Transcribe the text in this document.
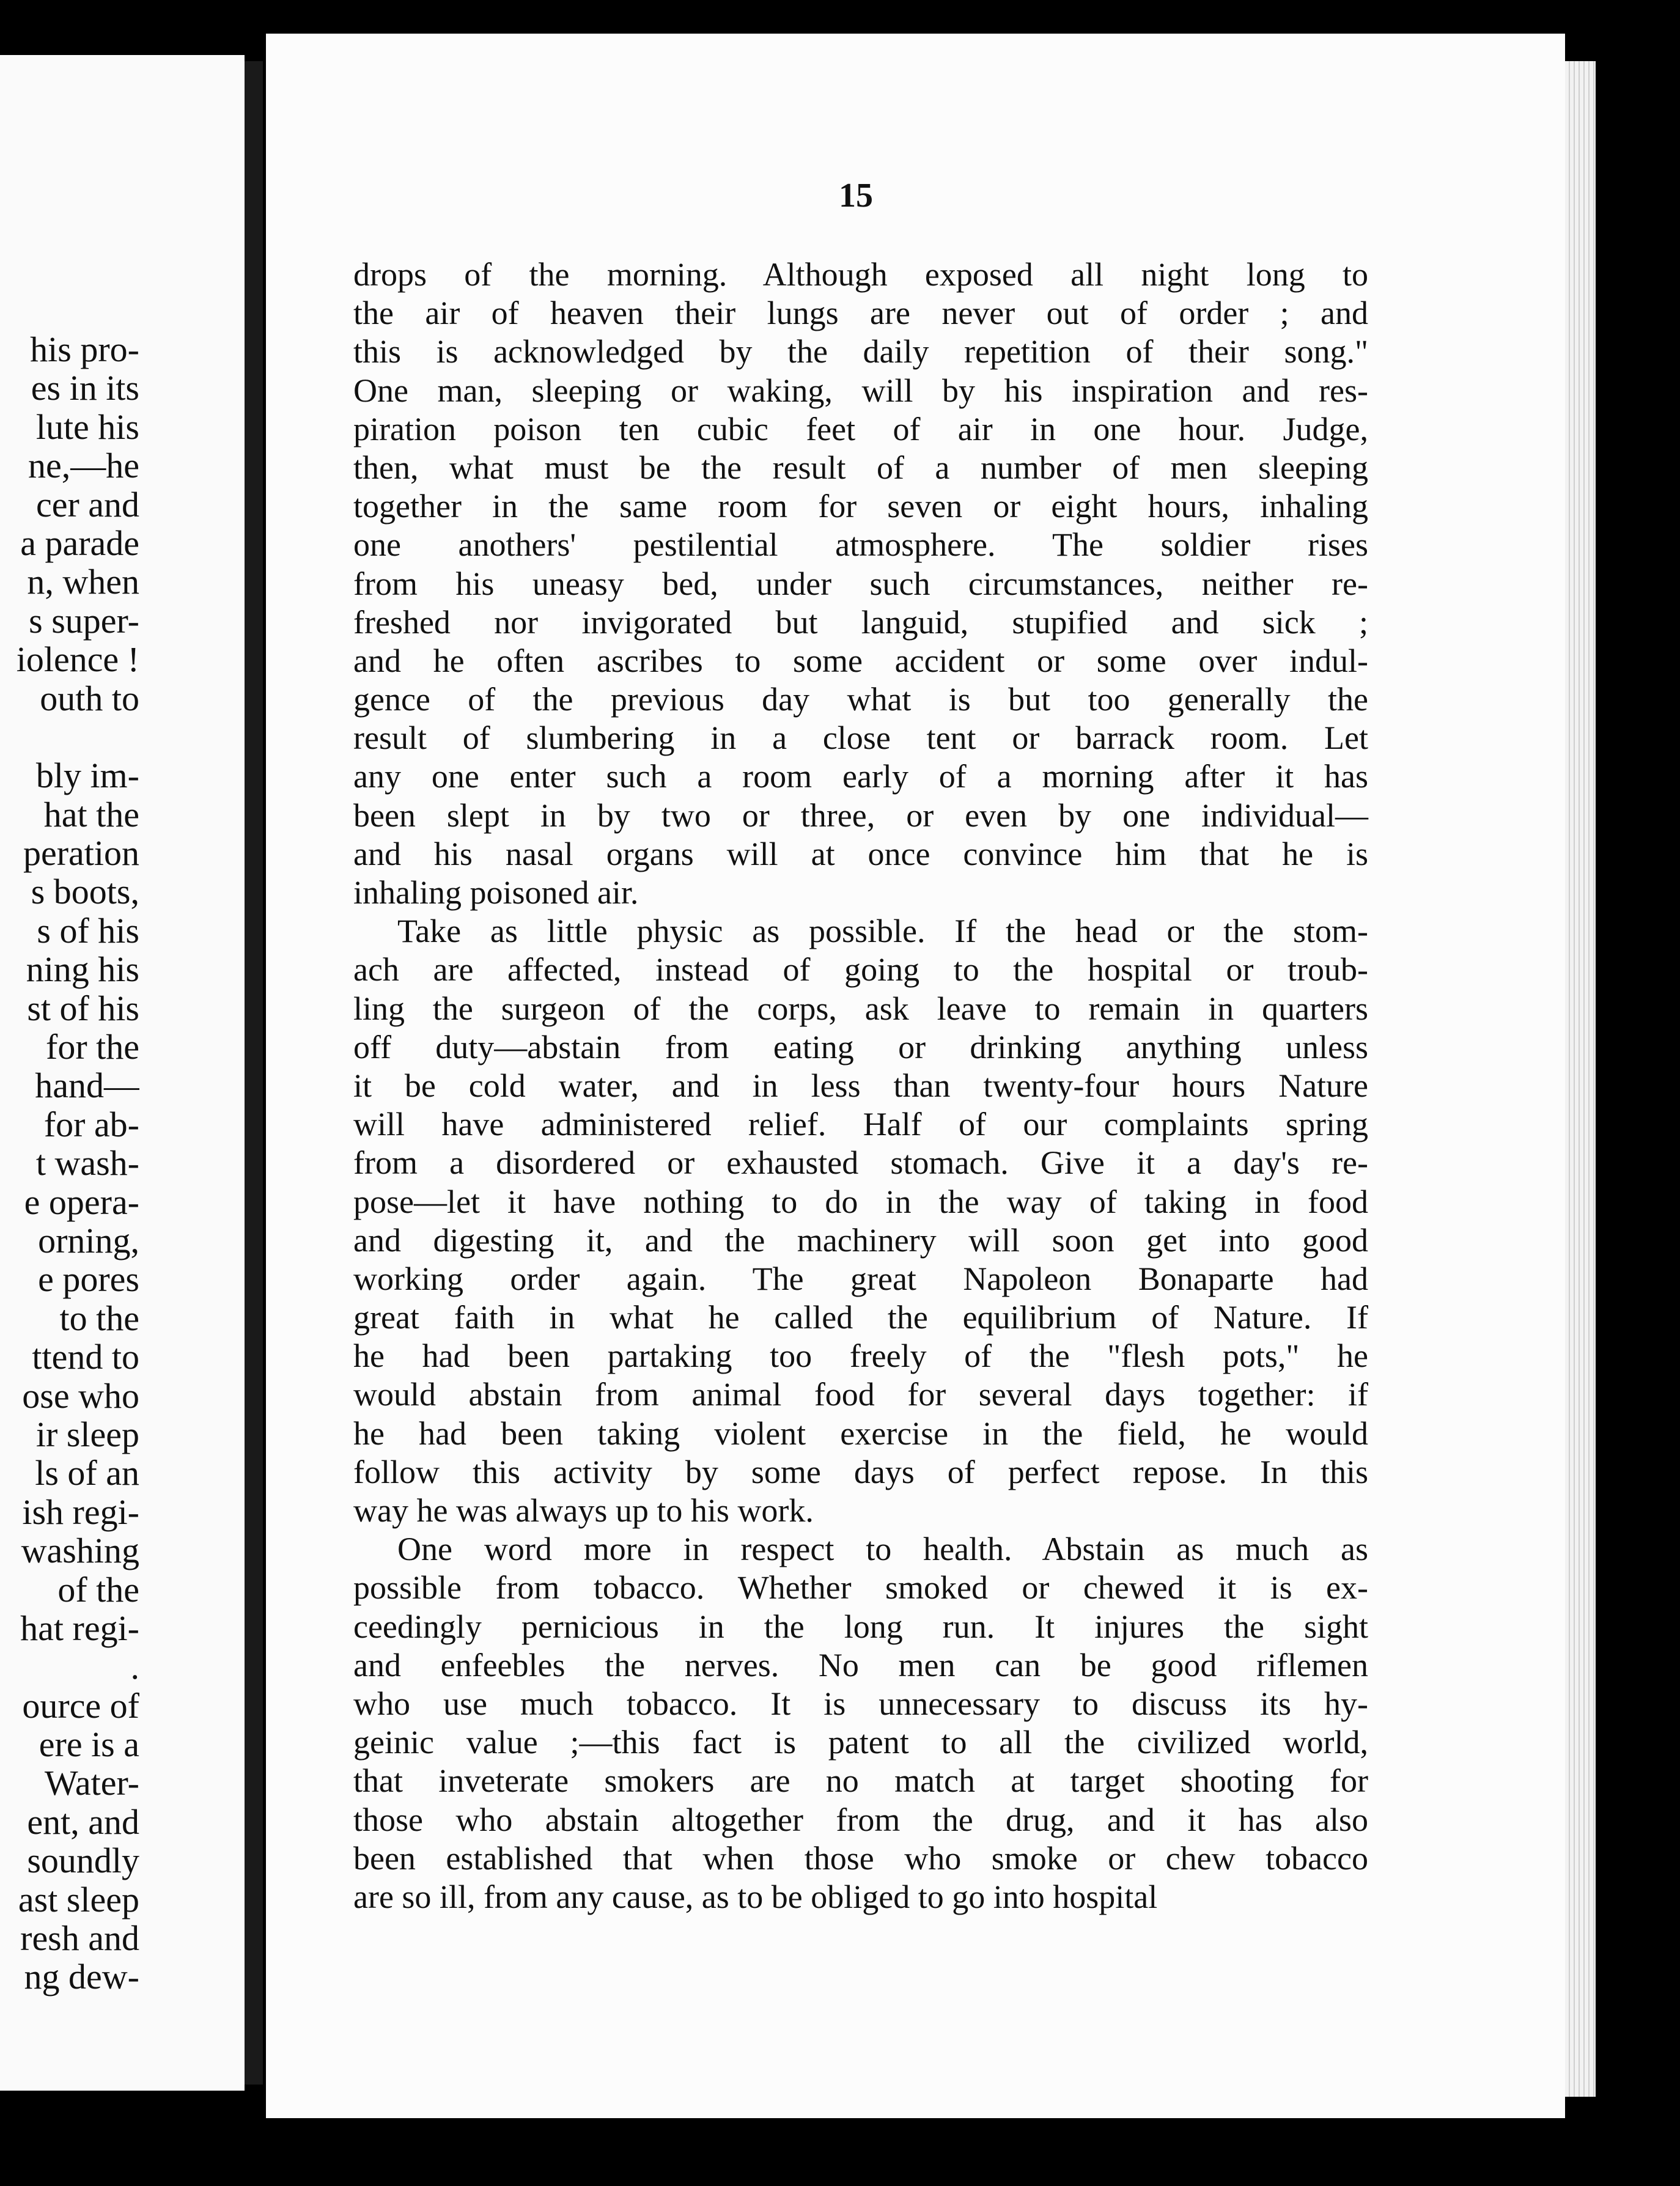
his pro-
es in its
lute his
ne,—he
cer and
a parade
n, when
s super-
iolence !
outh to
bly im-
hat the
peration
s boots,
s of his
ning his
st of his
for the
hand—
for ab-
t wash-
e opera-
orning,
e pores
to the
ttend to
ose who
ir sleep
ls of an
ish regi-
washing
of the
hat regi-
.
ource of
ere is a
Water-
ent, and
soundly
ast sleep
resh and
ng dew-
15
drops of the morning. Although exposed all night long to
the air of heaven their lungs are never out of order ; and
this is acknowledged by the daily repetition of their song."
One man, sleeping or waking, will by his inspiration and res-
piration poison ten cubic feet of air in one hour. Judge,
then, what must be the result of a number of men sleeping
together in the same room for seven or eight hours, inhaling
one anothers' pestilential atmosphere. The soldier rises
from his uneasy bed, under such circumstances, neither re-
freshed nor invigorated but languid, stupified and sick ;
and he often ascribes to some accident or some over indul-
gence of the previous day what is but too generally the
result of slumbering in a close tent or barrack room. Let
any one enter such a room early of a morning after it has
been slept in by two or three, or even by one individual—
and his nasal organs will at once convince him that he is
inhaling poisoned air.
Take as little physic as possible. If the head or the stom-
ach are affected, instead of going to the hospital or troub-
ling the surgeon of the corps, ask leave to remain in quarters
off duty—abstain from eating or drinking anything unless
it be cold water, and in less than twenty-four hours Nature
will have administered relief. Half of our complaints spring
from a disordered or exhausted stomach. Give it a day's re-
pose—let it have nothing to do in the way of taking in food
and digesting it, and the machinery will soon get into good
working order again. The great Napoleon Bonaparte had
great faith in what he called the equilibrium of Nature. If
he had been partaking too freely of the "flesh pots," he
would abstain from animal food for several days together: if
he had been taking violent exercise in the field, he would
follow this activity by some days of perfect repose. In this
way he was always up to his work.
One word more in respect to health. Abstain as much as
possible from tobacco. Whether smoked or chewed it is ex-
ceedingly pernicious in the long run. It injures the sight
and enfeebles the nerves. No men can be good riflemen
who use much tobacco. It is unnecessary to discuss its hy-
geinic value ;—this fact is patent to all the civilized world,
that inveterate smokers are no match at target shooting for
those who abstain altogether from the drug, and it has also
been established that when those who smoke or chew tobacco
are so ill, from any cause, as to be obliged to go into hospital
